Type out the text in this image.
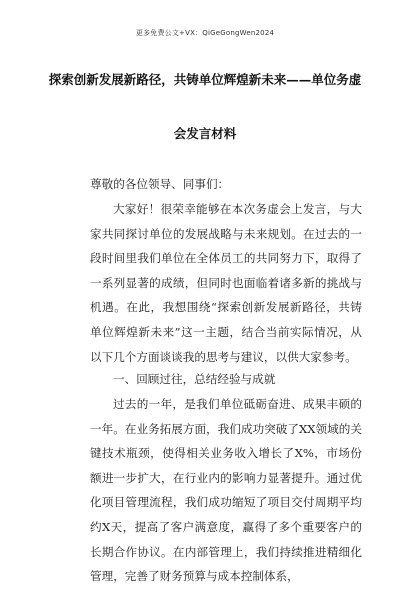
更多免费公文+VX：QiGeGongWen2024
探索创新发展新路径，共铸单位辉煌新未来——单位务虚
会发言材料
尊敬的各位领导、同事们：
大家好！很荣幸能够在本次务虚会上发言，与大家共同探讨单位的发展战略与未来规划。在过去的一段时间里我们单位在全体员工的共同努力下，取得了一系列显著的成绩，但同时也面临着诸多新的挑战与机遇。在此，我想围绕“探索创新发展新路径，共铸单位辉煌新未来”这一主题，结合当前实际情况，从以下几个方面谈谈我的思考与建议，以供大家参考。
一、回顾过往，总结经验与成就
过去的一年，是我们单位砥砺奋进、成果丰硕的一年。在业务拓展方面，我们成功突破了XX领域的关键技术瓶颈，使得相关业务收入增长了X%，市场份额进一步扩大，在行业内的影响力显著提升。通过优化项目管理流程，我们成功缩短了项目交付周期平均约X天，提高了客户满意度，赢得了多个重要客户的长期合作协议。在内部管理上，我们持续推进精细化管理，完善了财务预算与成本控制体系，
